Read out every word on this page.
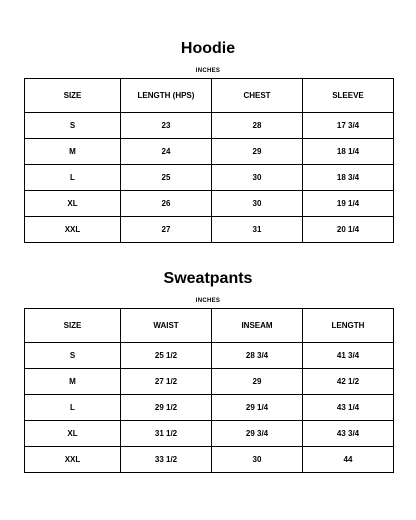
Hoodie
INCHES
SIZE	LENGTH (HPS)	CHEST	SLEEVE
S	23	28	17 3/4
M	24	29	18 1/4
L	25	30	18 3/4
XL	26	30	19 1/4
XXL	27	31	20 1/4
Sweatpants
INCHES
SIZE	WAIST	INSEAM	LENGTH
S	25 1/2	28 3/4	41 3/4
M	27 1/2	29	42 1/2
L	29 1/2	29 1/4	43 1/4
XL	31 1/2	29 3/4	43 3/4
XXL	33 1/2	30	44
